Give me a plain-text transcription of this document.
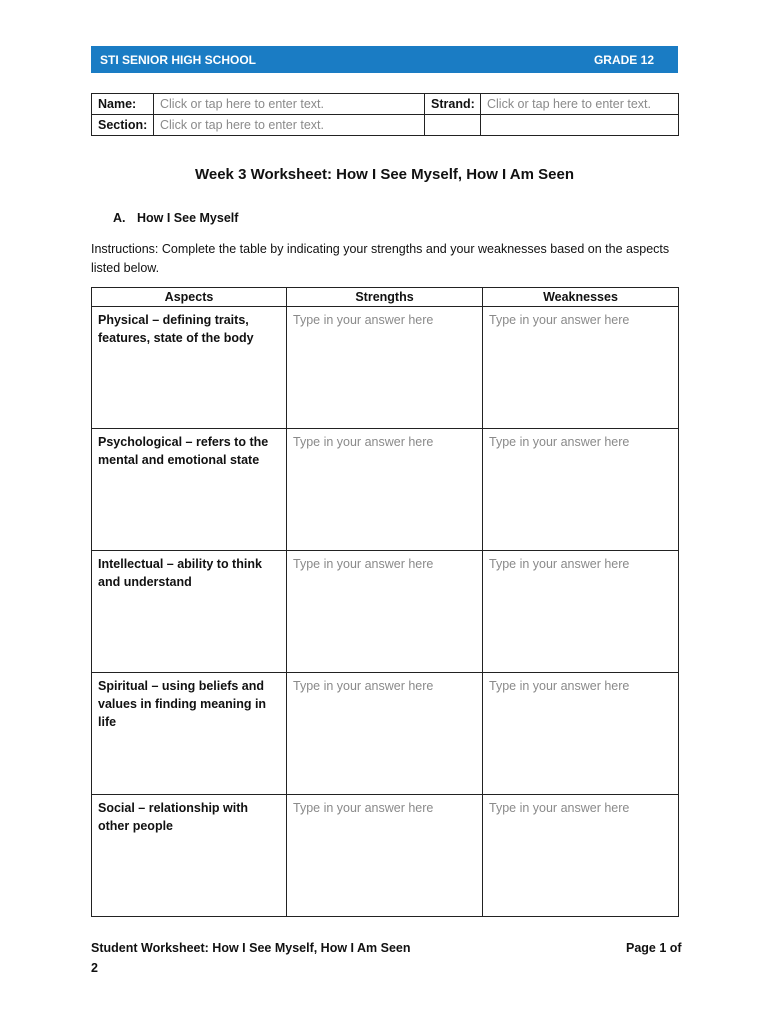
STI SENIOR HIGH SCHOOL	GRADE 12
Name:	Click or tap here to enter text.	Strand:	Click or tap here to enter text.
Section:	Click or tap here to enter text.		
Week 3 Worksheet: How I See Myself, How I Am Seen
A. How I See Myself
Instructions: Complete the table by indicating your strengths and your weaknesses based on the aspects listed below.
Aspects	Strengths	Weaknesses
Physical – defining traits, features, state of the body	Type in your answer here	Type in your answer here
Psychological – refers to the mental and emotional state	Type in your answer here	Type in your answer here
Intellectual – ability to think and understand	Type in your answer here	Type in your answer here
Spiritual – using beliefs and values in finding meaning in life	Type in your answer here	Type in your answer here
Social – relationship with other people	Type in your answer here	Type in your answer here
Student Worksheet: How I See Myself, How I Am Seen	Page 1 of
2
